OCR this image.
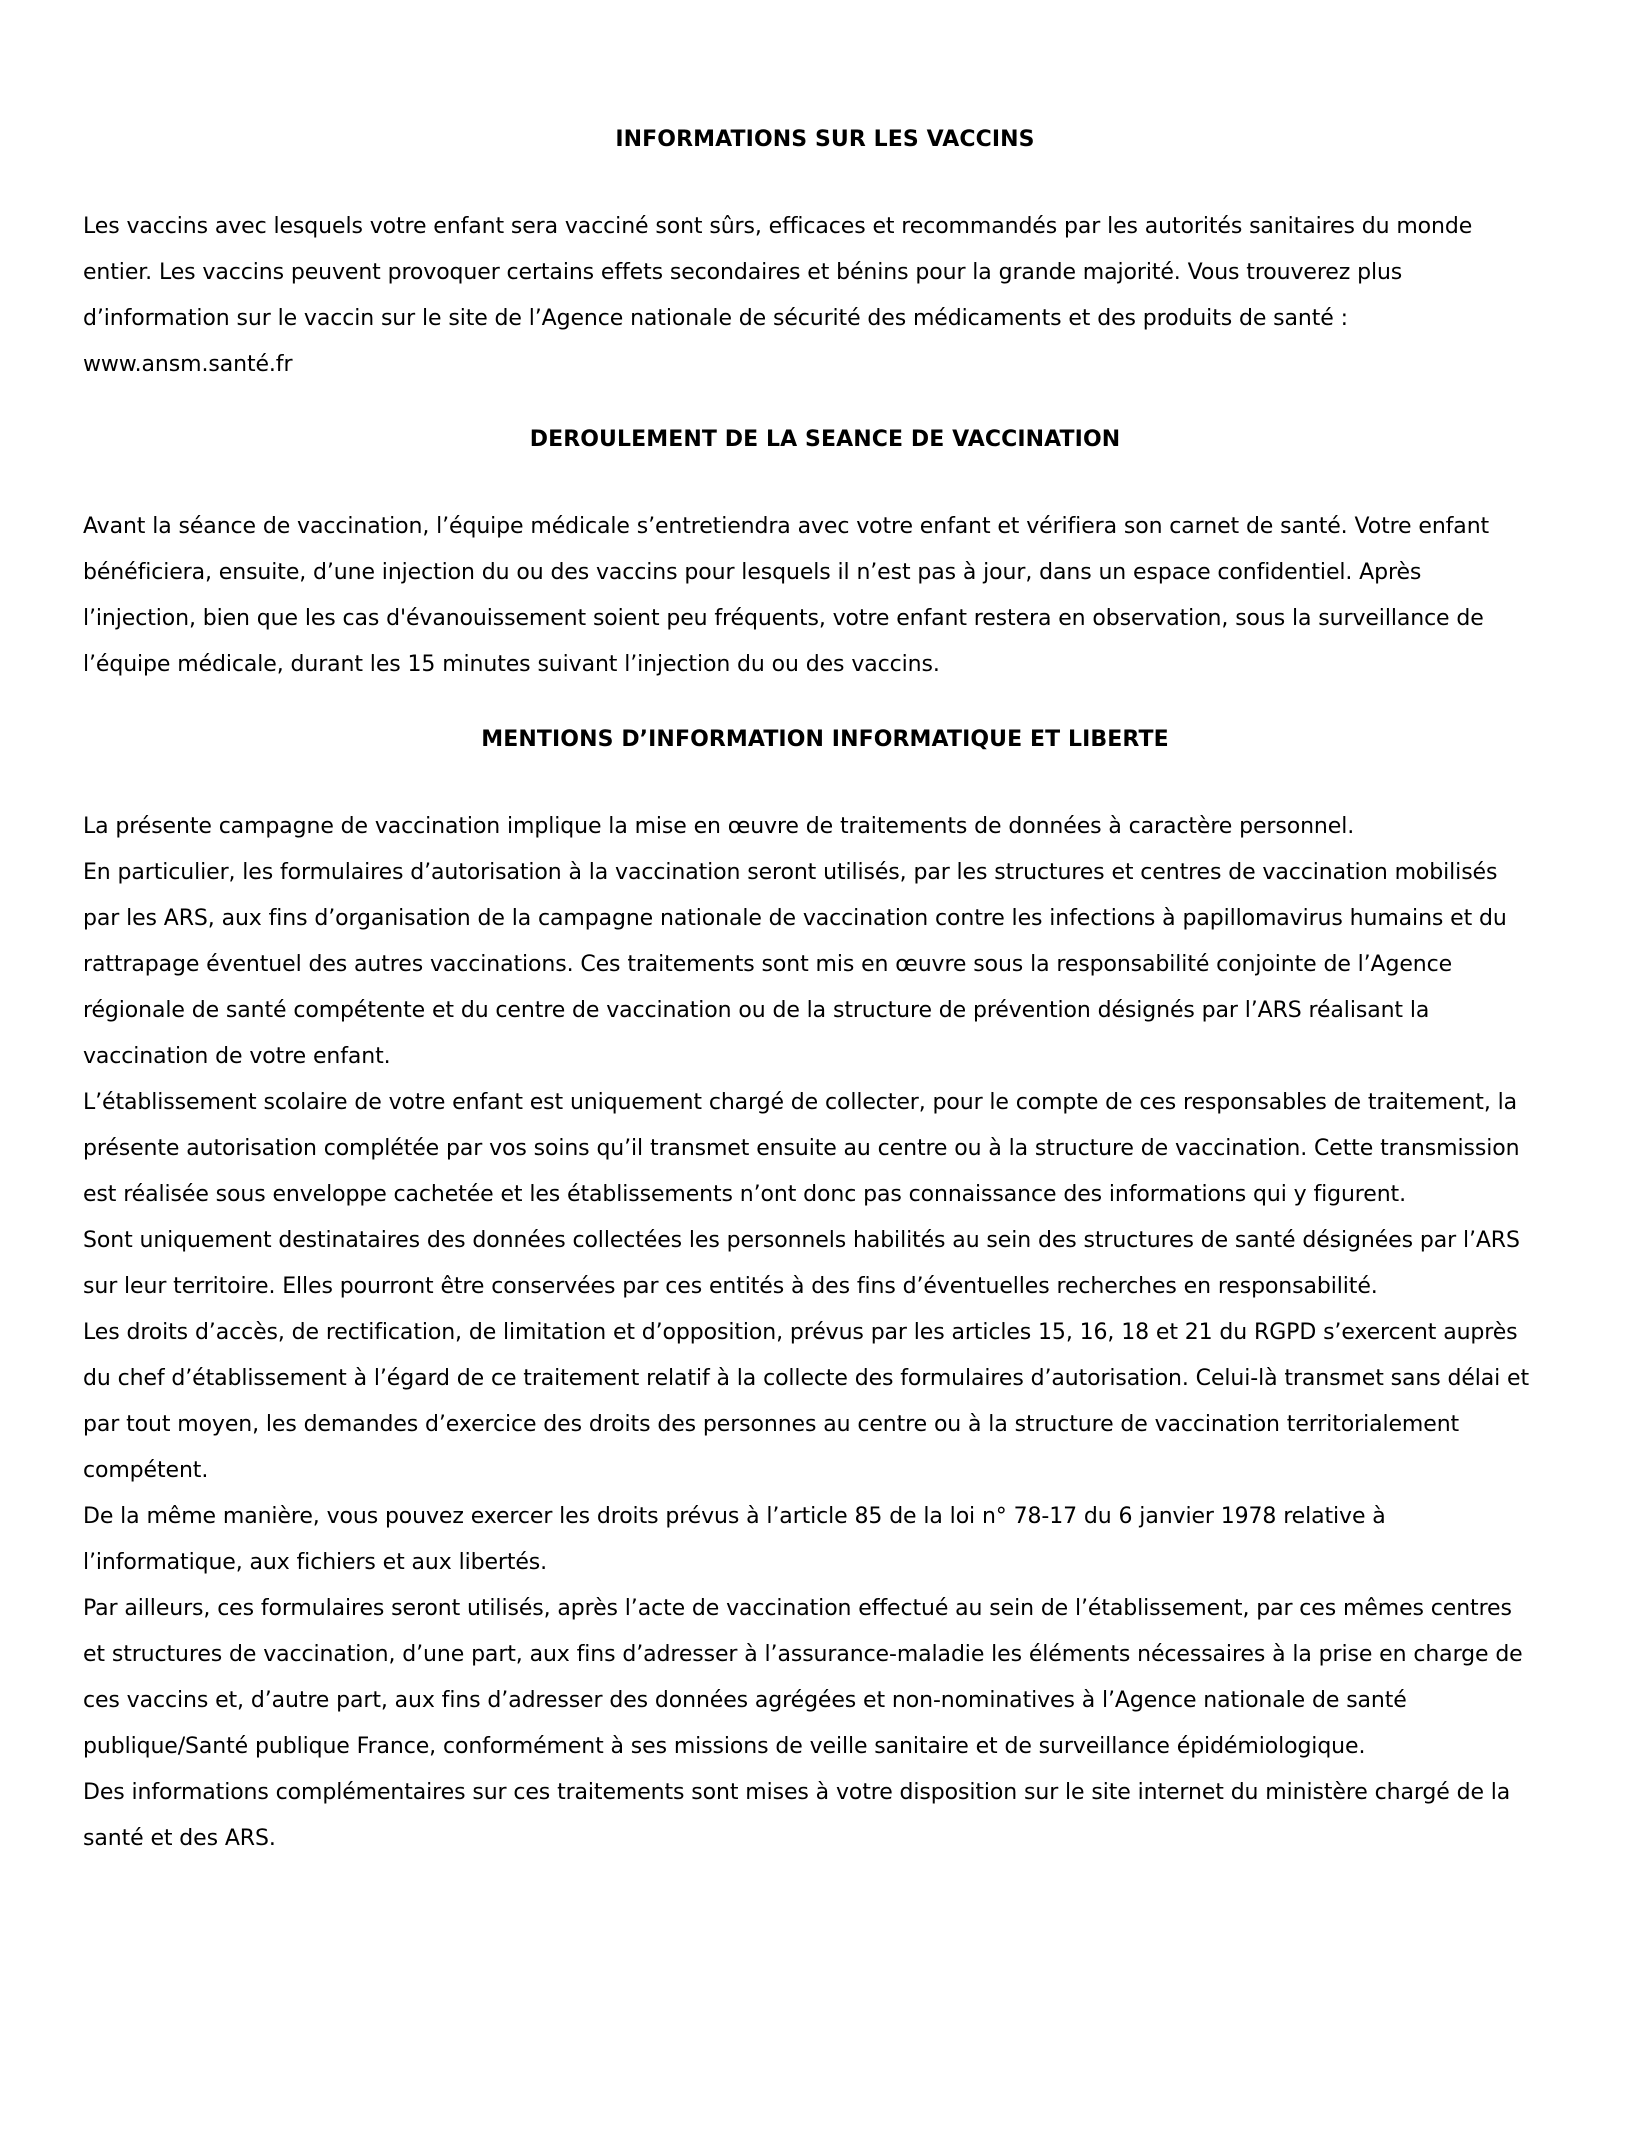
INFORMATIONS SUR LES VACCINS

Les vaccins avec lesquels votre enfant sera vacciné sont sûrs, efficaces et recommandés par les autorités sanitaires du monde
entier. Les vaccins peuvent provoquer certains effets secondaires et bénins pour la grande majorité. Vous trouverez plus
d’information sur le vaccin sur le site de l’Agence nationale de sécurité des médicaments et des produits de santé :
www.ansm.santé.fr

DEROULEMENT DE LA SEANCE DE VACCINATION

Avant la séance de vaccination, l’équipe médicale s’entretiendra avec votre enfant et vérifiera son carnet de santé. Votre enfant
bénéficiera, ensuite, d’une injection du ou des vaccins pour lesquels il n’est pas à jour, dans un espace confidentiel. Après
l’injection, bien que les cas d'évanouissement soient peu fréquents, votre enfant restera en observation, sous la surveillance de
l’équipe médicale, durant les 15 minutes suivant l’injection du ou des vaccins.

MENTIONS D’INFORMATION INFORMATIQUE ET LIBERTE

La présente campagne de vaccination implique la mise en œuvre de traitements de données à caractère personnel.
En particulier, les formulaires d’autorisation à la vaccination seront utilisés, par les structures et centres de vaccination mobilisés
par les ARS, aux fins d’organisation de la campagne nationale de vaccination contre les infections à papillomavirus humains et du
rattrapage éventuel des autres vaccinations. Ces traitements sont mis en œuvre sous la responsabilité conjointe de l’Agence
régionale de santé compétente et du centre de vaccination ou de la structure de prévention désignés par l’ARS réalisant la
vaccination de votre enfant.
L’établissement scolaire de votre enfant est uniquement chargé de collecter, pour le compte de ces responsables de traitement, la
présente autorisation complétée par vos soins qu’il transmet ensuite au centre ou à la structure de vaccination. Cette transmission
est réalisée sous enveloppe cachetée et les établissements n’ont donc pas connaissance des informations qui y figurent.
Sont uniquement destinataires des données collectées les personnels habilités au sein des structures de santé désignées par l’ARS
sur leur territoire. Elles pourront être conservées par ces entités à des fins d’éventuelles recherches en responsabilité.
Les droits d’accès, de rectification, de limitation et d’opposition, prévus par les articles 15, 16, 18 et 21 du RGPD s’exercent auprès
du chef d’établissement à l’égard de ce traitement relatif à la collecte des formulaires d’autorisation. Celui-là transmet sans délai et
par tout moyen, les demandes d’exercice des droits des personnes au centre ou à la structure de vaccination territorialement
compétent.
De la même manière, vous pouvez exercer les droits prévus à l’article 85 de la loi n° 78-17 du 6 janvier 1978 relative à
l’informatique, aux fichiers et aux libertés.
Par ailleurs, ces formulaires seront utilisés, après l’acte de vaccination effectué au sein de l’établissement, par ces mêmes centres
et structures de vaccination, d’une part, aux fins d’adresser à l’assurance-maladie les éléments nécessaires à la prise en charge de
ces vaccins et, d’autre part, aux fins d’adresser des données agrégées et non-nominatives à l’Agence nationale de santé
publique/Santé publique France, conformément à ses missions de veille sanitaire et de surveillance épidémiologique.
Des informations complémentaires sur ces traitements sont mises à votre disposition sur le site internet du ministère chargé de la
santé et des ARS.
